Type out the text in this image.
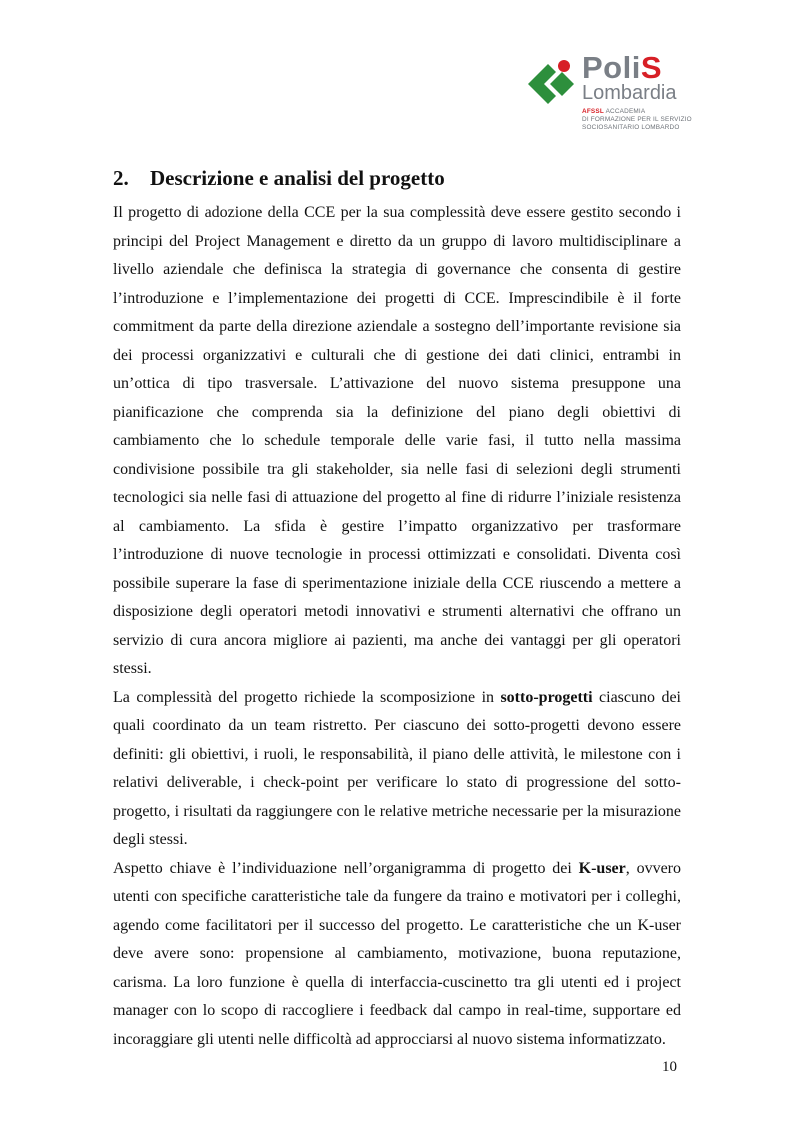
PoliS
Lombardia
AFSSL ACCADEMIA
DI FORMAZIONE PER IL SERVIZIO
SOCIOSANITARIO LOMBARDO
2. Descrizione e analisi del progetto

Il progetto di adozione della CCE per la sua complessità deve essere gestito secondo i principi del Project Management e diretto da un gruppo di lavoro multidisciplinare a livello aziendale che definisca la strategia di governance che consenta di gestire l’introduzione e l’implementazione dei progetti di CCE. Imprescindibile è il forte commitment da parte della direzione aziendale a sostegno dell’importante revisione sia dei processi organizzativi e culturali che di gestione dei dati clinici, entrambi in un’ottica di tipo trasversale. L’attivazione del nuovo sistema presuppone una pianificazione che comprenda sia la definizione del piano degli obiettivi di cambiamento che lo schedule temporale delle varie fasi, il tutto nella massima condivisione possibile tra gli stakeholder, sia nelle fasi di selezioni degli strumenti tecnologici sia nelle fasi di attuazione del progetto al fine di ridurre l’iniziale resistenza al cambiamento. La sfida è gestire l’impatto organizzativo per trasformare l’introduzione di nuove tecnologie in processi ottimizzati e consolidati. Diventa così possibile superare la fase di sperimentazione iniziale della CCE riuscendo a mettere a disposizione degli operatori metodi innovativi e strumenti alternativi che offrano un servizio di cura ancora migliore ai pazienti, ma anche dei vantaggi per gli operatori stessi.

La complessità del progetto richiede la scomposizione in sotto-progetti ciascuno dei quali coordinato da un team ristretto. Per ciascuno dei sotto-progetti devono essere definiti: gli obiettivi, i ruoli, le responsabilità, il piano delle attività, le milestone con i relativi deliverable, i check-point per verificare lo stato di progressione del sotto-progetto, i risultati da raggiungere con le relative metriche necessarie per la misurazione degli stessi.

Aspetto chiave è l’individuazione nell’organigramma di progetto dei K-user, ovvero utenti con specifiche caratteristiche tale da fungere da traino e motivatori per i colleghi, agendo come facilitatori per il successo del progetto. Le caratteristiche che un K-user deve avere sono: propensione al cambiamento, motivazione, buona reputazione, carisma. La loro funzione è quella di interfaccia-cuscinetto tra gli utenti ed i project manager con lo scopo di raccogliere i feedback dal campo in real-time, supportare ed incoraggiare gli utenti nelle difficoltà ad approcciarsi al nuovo sistema informatizzato.

10
